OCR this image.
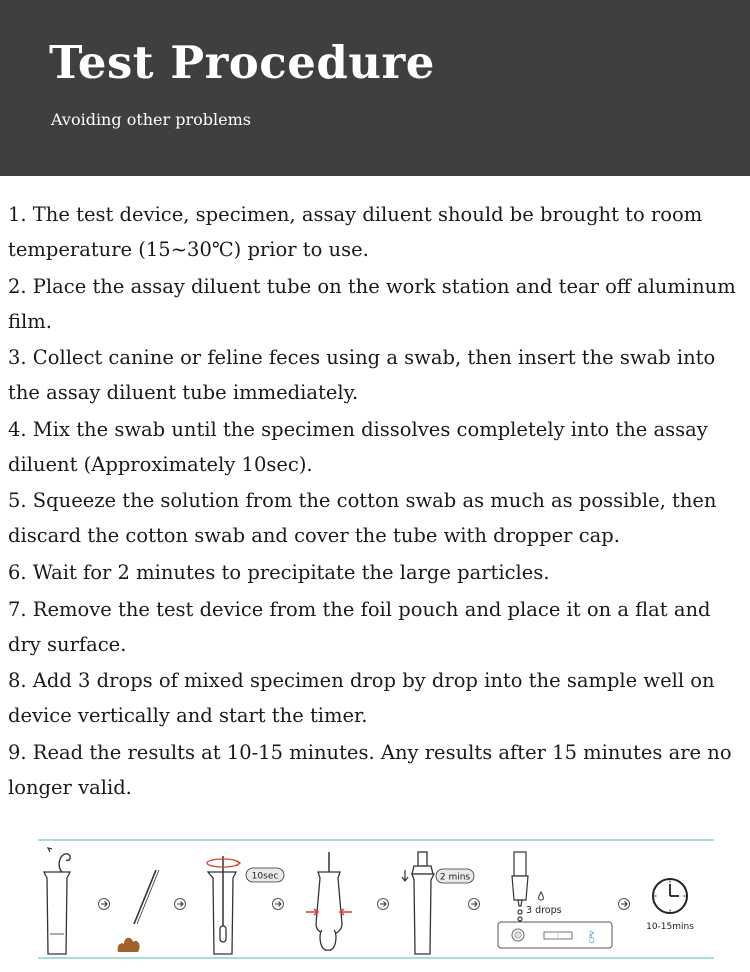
Test Procedure
Avoiding other problems
1. The test device, specimen, assay diluent should be brought to room temperature (15~30℃) prior to use.
2. Place the assay diluent tube on the work station and tear off aluminum film.
3. Collect canine or feline feces using a swab, then insert the swab into the assay diluent tube immediately.
4. Mix the swab until the specimen dissolves completely into the assay diluent (Approximately 10sec).
5. Squeeze the solution from the cotton swab as much as possible, then discard the cotton swab and cover the tube with dropper cap.
6. Wait for 2 minutes to precipitate the large particles.
7. Remove the test device from the foil pouch and place it on a flat and dry surface.
8. Add 3 drops of mixed specimen drop by drop into the sample well on device vertically and start the timer.
9. Read the results at 10-15 minutes. Any results after 15 minutes are no longer valid.
10sec	2 mins
3 drops
CPV
10-15mins
